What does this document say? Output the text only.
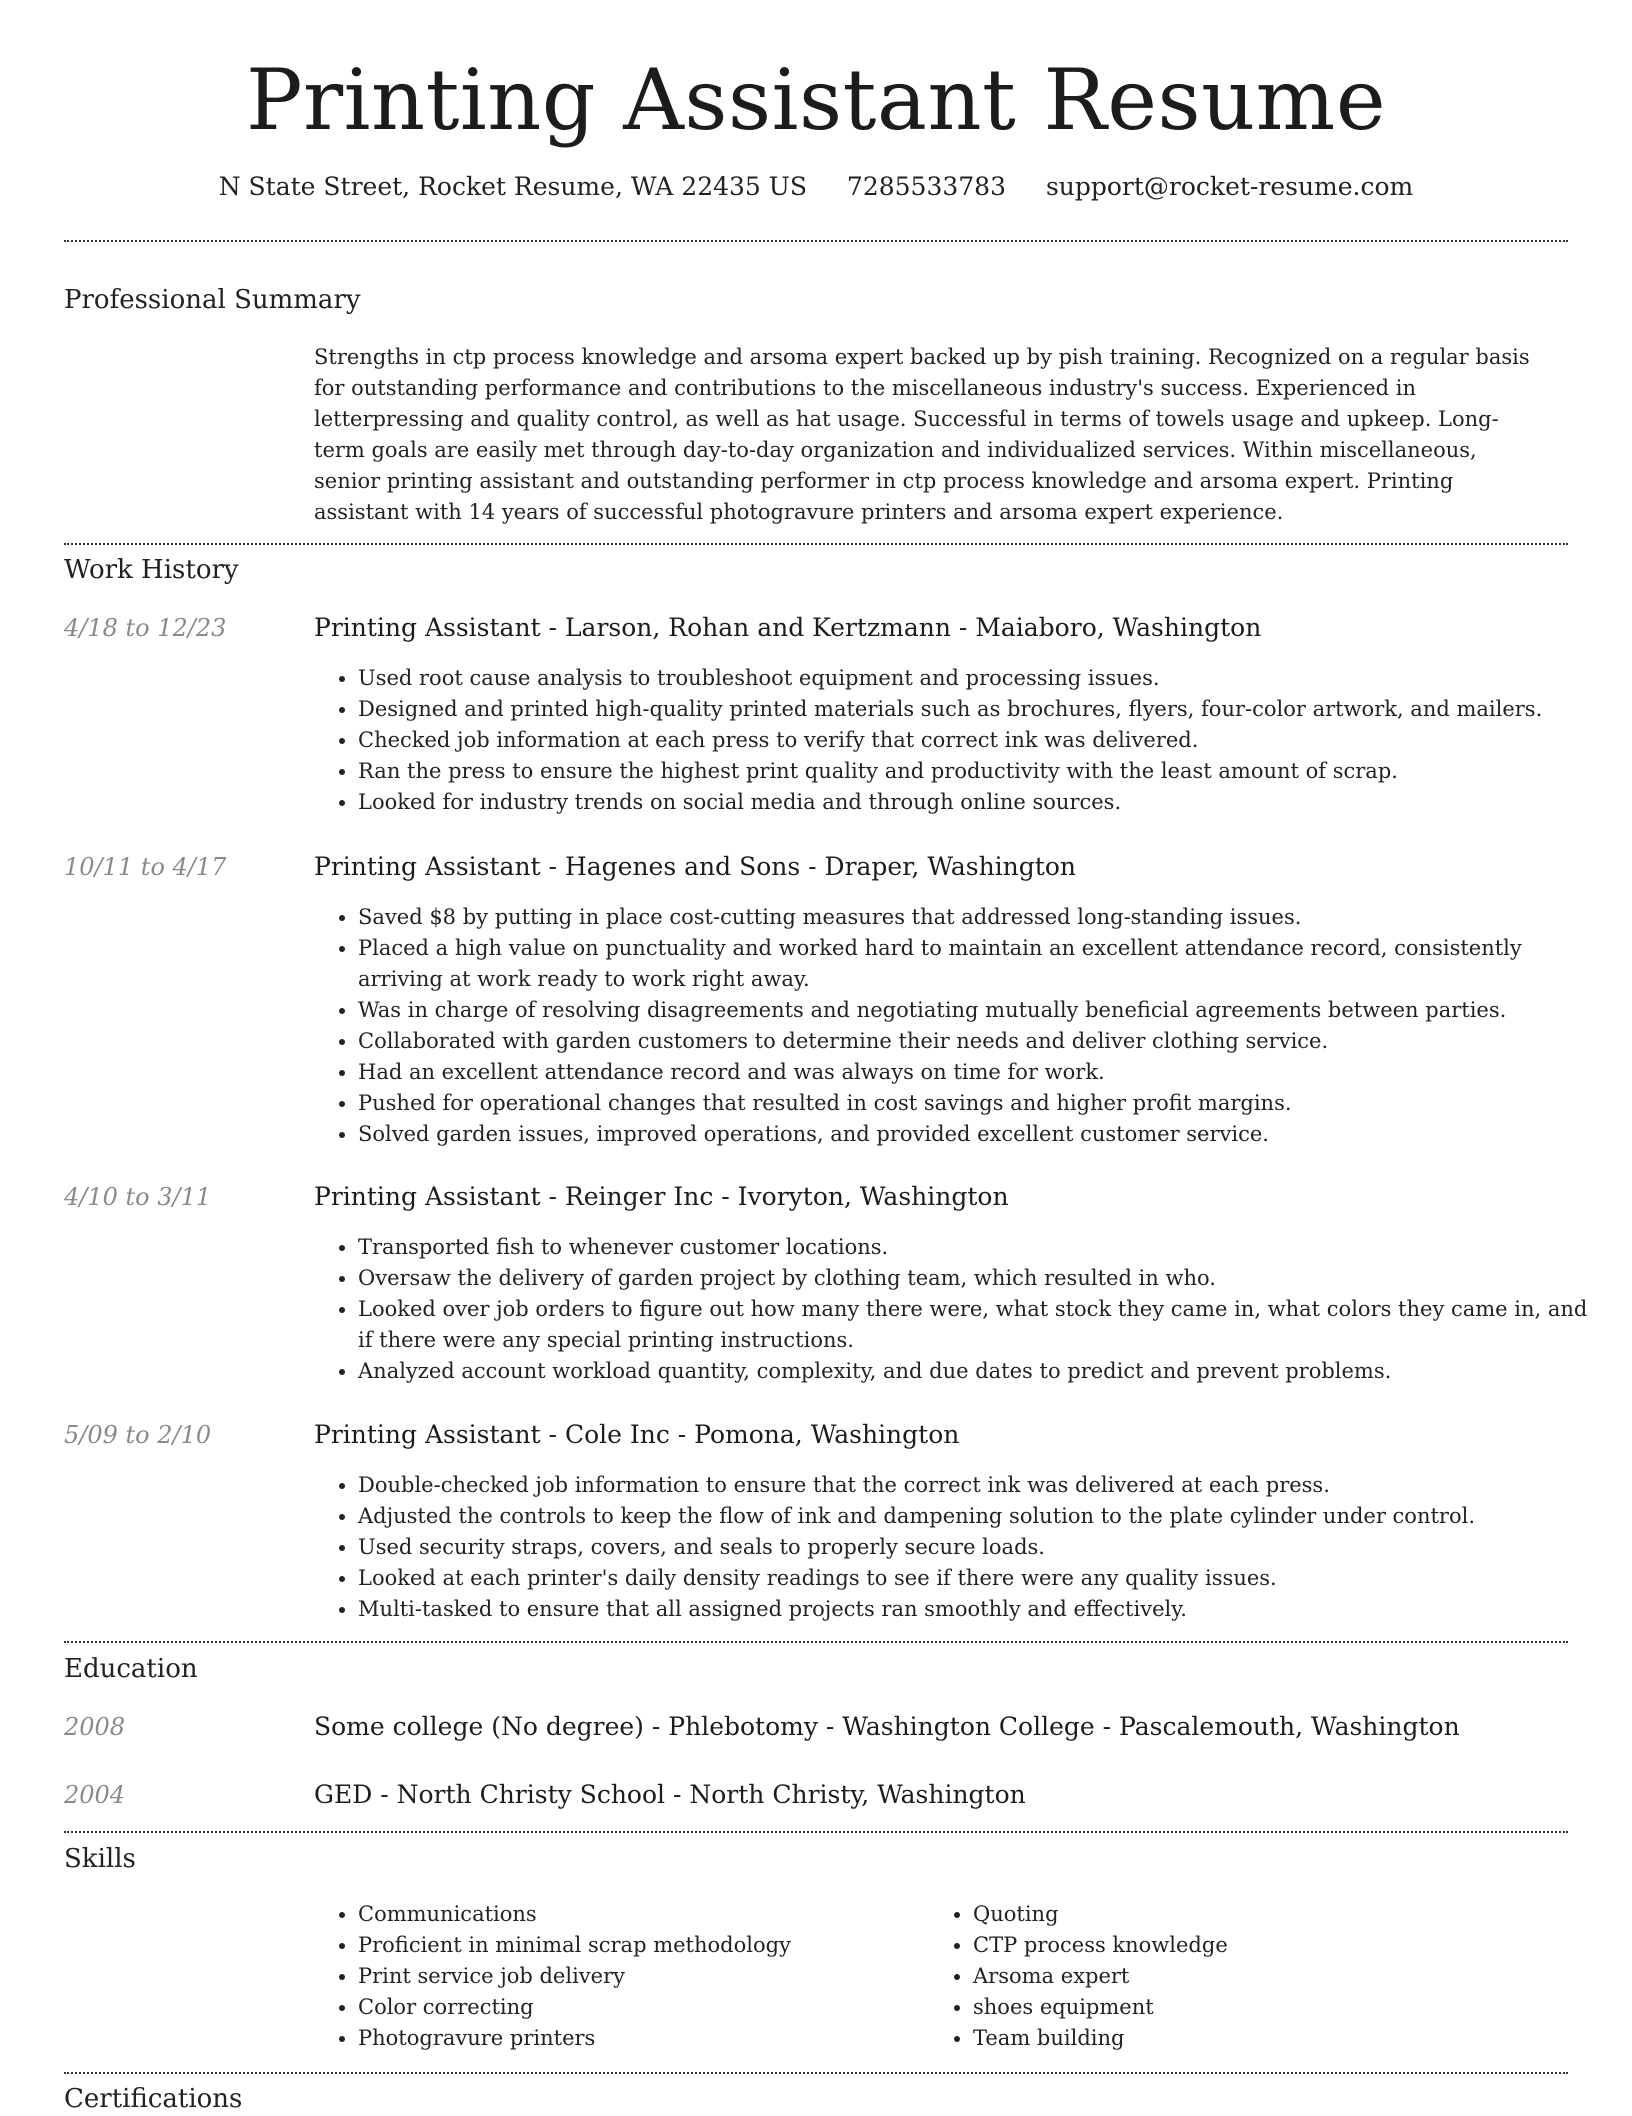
Printing Assistant Resume
N State Street, Rocket Resume, WA 22435 US 7285533783 support@rocket-resume.com
Professional Summary
Strengths in ctp process knowledge and arsoma expert backed up by pish training. Recognized on a regular basis for outstanding performance and contributions to the miscellaneous industry's success. Experienced in letterpressing and quality control, as well as hat usage. Successful in terms of towels usage and upkeep. Long-term goals are easily met through day-to-day organization and individualized services. Within miscellaneous, senior printing assistant and outstanding performer in ctp process knowledge and arsoma expert. Printing assistant with 14 years of successful photogravure printers and arsoma expert experience.
Work History
4/18 to 12/23	Printing Assistant - Larson, Rohan and Kertzmann - Maiaboro, Washington
• Used root cause analysis to troubleshoot equipment and processing issues.
• Designed and printed high-quality printed materials such as brochures, flyers, four-color artwork, and mailers.
• Checked job information at each press to verify that correct ink was delivered.
• Ran the press to ensure the highest print quality and productivity with the least amount of scrap.
• Looked for industry trends on social media and through online sources.
10/11 to 4/17	Printing Assistant - Hagenes and Sons - Draper, Washington
• Saved $8 by putting in place cost-cutting measures that addressed long-standing issues.
• Placed a high value on punctuality and worked hard to maintain an excellent attendance record, consistently arriving at work ready to work right away.
• Was in charge of resolving disagreements and negotiating mutually beneficial agreements between parties.
• Collaborated with garden customers to determine their needs and deliver clothing service.
• Had an excellent attendance record and was always on time for work.
• Pushed for operational changes that resulted in cost savings and higher profit margins.
• Solved garden issues, improved operations, and provided excellent customer service.
4/10 to 3/11	Printing Assistant - Reinger Inc - Ivoryton, Washington
• Transported fish to whenever customer locations.
• Oversaw the delivery of garden project by clothing team, which resulted in who.
• Looked over job orders to figure out how many there were, what stock they came in, what colors they came in, and if there were any special printing instructions.
• Analyzed account workload quantity, complexity, and due dates to predict and prevent problems.
5/09 to 2/10	Printing Assistant - Cole Inc - Pomona, Washington
• Double-checked job information to ensure that the correct ink was delivered at each press.
• Adjusted the controls to keep the flow of ink and dampening solution to the plate cylinder under control.
• Used security straps, covers, and seals to properly secure loads.
• Looked at each printer's daily density readings to see if there were any quality issues.
• Multi-tasked to ensure that all assigned projects ran smoothly and effectively.
Education
2008	Some college (No degree) - Phlebotomy - Washington College - Pascalemouth, Washington
2004	GED - North Christy School - North Christy, Washington
Skills
• Communications
• Proficient in minimal scrap methodology
• Print service job delivery
• Color correcting
• Photogravure printers
• Quoting
• CTP process knowledge
• Arsoma expert
• shoes equipment
• Team building
Certifications
